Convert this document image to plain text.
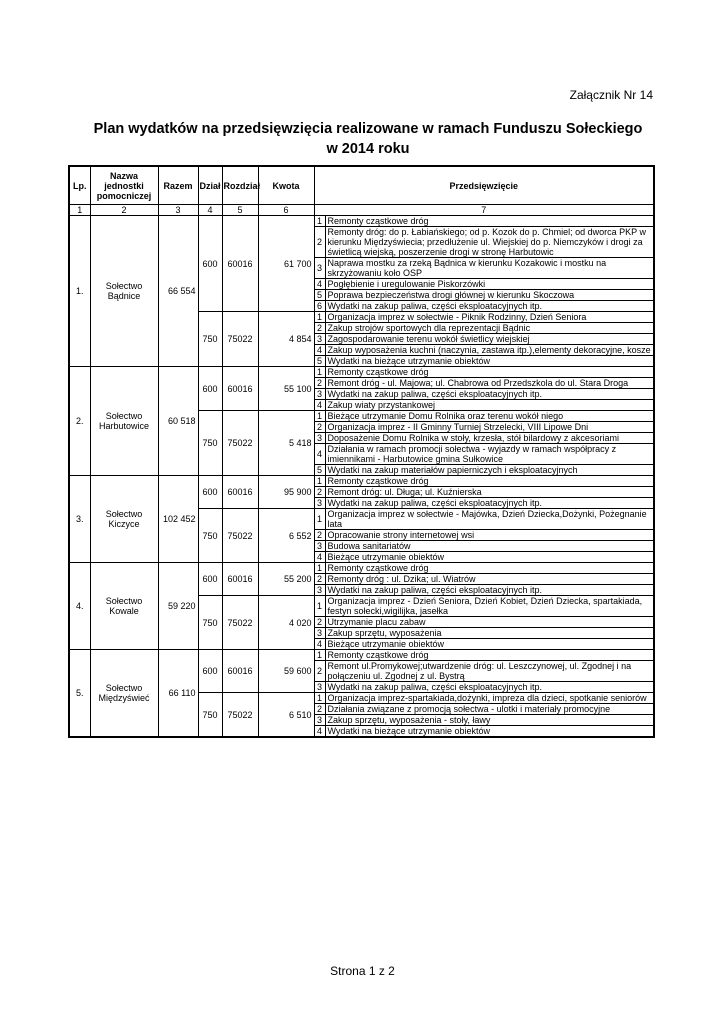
Załącznik Nr 14
Plan wydatków na przedsięwzięcia realizowane w ramach Funduszu Sołeckiego
w 2014 roku
Lp.	Nazwa jednostki pomocniczej	Razem	Dział	Rozdział	Kwota	Przedsięwzięcie	
1	2	3	4	5	6	7	
1.	Sołectwo Bądnice	66 554	600	60016	61 700	1	Remonty cząstkowe dróg
						2	Remonty dróg: do p. Łabiańskiego; od p. Kozok do p. Chmiel; od dworca PKP w kierunku Międzyświecia; przedłużenie ul. Wiejskiej do p. Niemczyków i drogi za świetlicą wiejską, poszerzenie drogi w stronę Harbutowic
						3	Naprawa mostku za rzeką Bądnica w kierunku Kozakowic i mostku na skrzyżowaniu koło OSP
						4	Pogłębienie i uregulowanie Piskorzówki
						5	Poprawa bezpieczeństwa drogi głównej w kierunku Skoczowa
						6	Wydatki na zakup paliwa, części eksploatacyjnych itp.
			750	75022	4 854	1	Organizacja imprez w sołectwie - Piknik Rodzinny, Dzień Seniora
						2	Zakup strojów sportowych dla reprezentacji Bądnic
						3	Zagospodarowanie terenu wokół świetlicy wiejskiej
						4	Zakup wyposażenia kuchni (naczynia, zastawa itp.),elementy dekoracyjne, kosze
						5	Wydatki na bieżące utrzymanie obiektów
2.	Sołectwo Harbutowice	60 518	600	60016	55 100	1	Remonty cząstkowe dróg
						2	Remont dróg - ul. Majowa; ul. Chabrowa od Przedszkola do ul. Stara Droga
						3	Wydatki na zakup paliwa, części eksploatacyjnych itp.
						4	Zakup wiaty przystankowej
			750	75022	5 418	1	Bieżące utrzymanie Domu Rolnika oraz terenu wokół niego
						2	Organizacja imprez - II Gminny Turniej Strzelecki, VIII Lipowe Dni
						3	Doposażenie Domu Rolnika w stoły, krzesła, stół bilardowy z akcesoriami
						4	Działania w ramach promocji sołectwa - wyjazdy w ramach współpracy z imiennikami - Harbutowice gmina Sułkowice
						5	Wydatki na zakup materiałów papierniczych i eksploatacyjnych
3.	Sołectwo Kiczyce	102 452	600	60016	95 900	1	Remonty cząstkowe dróg
						2	Remont dróg: ul. Długa; ul. Kuźnierska
						3	Wydatki na zakup paliwa, części eksploatacyjnych itp.
			750	75022	6 552	1	Organizacja imprez w sołectwie - Majówka, Dzień Dziecka,Dożynki, Pożegnanie lata
						2	Opracowanie strony internetowej wsi
						3	Budowa sanitariatów
						4	Bieżące utrzymanie obiektów
4.	Sołectwo Kowale	59 220	600	60016	55 200	1	Remonty cząstkowe dróg
						2	Remonty dróg : ul. Dzika; ul. Wiatrów
						3	Wydatki na zakup paliwa, części eksploatacyjnych itp.
			750	75022	4 020	1	Organizacja imprez - Dzień Seniora, Dzień Kobiet, Dzień Dziecka, spartakiada, festyn sołecki,wigilijka, jasełka
						2	Utrzymanie placu zabaw
						3	Zakup sprzętu, wyposażenia
						4	Bieżące utrzymanie obiektów
5.	Sołectwo Międzyświeć	66 110	600	60016	59 600	1	Remonty cząstkowe dróg
						2	Remont ul.Promykowej;utwardzenie dróg: ul. Leszczynowej, ul. Zgodnej i na połączeniu ul. Zgodnej z ul. Bystrą
						3	Wydatki na zakup paliwa, części eksploatacyjnych itp.
			750	75022	6 510	1	Organizacja imprez-spartakiada,dożynki, impreza dla dzieci, spotkanie seniorów
						2	Działania związane z promocją sołectwa - ulotki i materiały promocyjne
						3	Zakup sprzętu, wyposażenia - stoły, ławy
						4	Wydatki na bieżące utrzymanie obiektów
Strona 1 z 2
